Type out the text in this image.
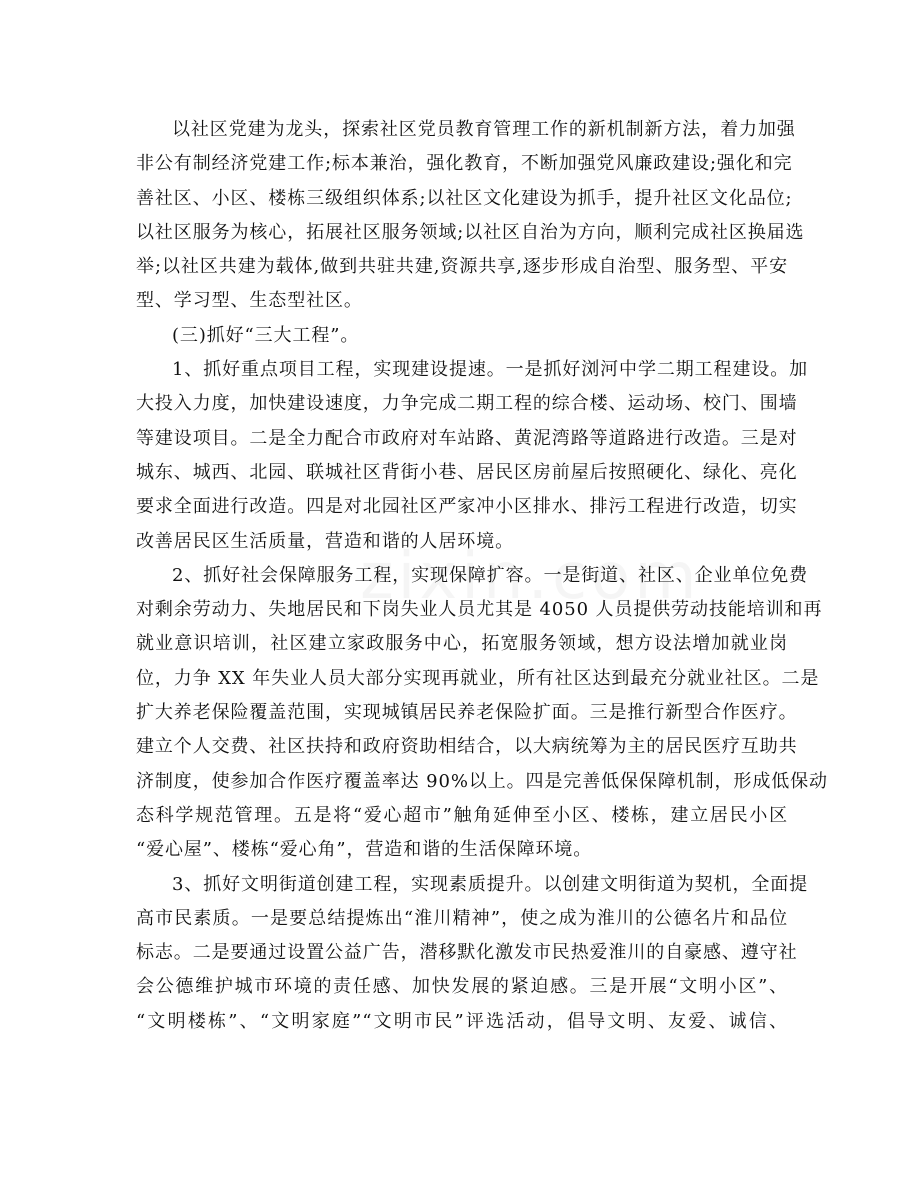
以社区党建为龙头，探索社区党员教育管理工作的新机制新方法，着力加强
非公有制经济党建工作;标本兼治，强化教育，不断加强党风廉政建设;强化和完
善社区、小区、楼栋三级组织体系;以社区文化建设为抓手，提升社区文化品位;
以社区服务为核心，拓展社区服务领域;以社区自治为方向，顺利完成社区换届选
举;以社区共建为载体,做到共驻共建,资源共享,逐步形成自治型、服务型、平安
型、学习型、生态型社区。
(三)抓好“三大工程”。
1、抓好重点项目工程，实现建设提速。一是抓好浏河中学二期工程建设。加
大投入力度，加快建设速度，力争完成二期工程的综合楼、运动场、校门、围墙
等建设项目。二是全力配合市政府对车站路、黄泥湾路等道路进行改造。三是对
城东、城西、北园、联城社区背街小巷、居民区房前屋后按照硬化、绿化、亮化
要求全面进行改造。四是对北园社区严家冲小区排水、排污工程进行改造，切实
改善居民区生活质量，营造和谐的人居环境。
2、抓好社会保障服务工程，实现保障扩容。一是街道、社区、企业单位免费
对剩余劳动力、失地居民和下岗失业人员尤其是 4050 人员提供劳动技能培训和再
就业意识培训，社区建立家政服务中心，拓宽服务领域，想方设法增加就业岗
位，力争 XX 年失业人员大部分实现再就业，所有社区达到最充分就业社区。二是
扩大养老保险覆盖范围，实现城镇居民养老保险扩面。三是推行新型合作医疗。
建立个人交费、社区扶持和政府资助相结合，以大病统筹为主的居民医疗互助共
济制度，使参加合作医疗覆盖率达 90%以上。四是完善低保保障机制，形成低保动
态科学规范管理。五是将“爱心超市”触角延伸至小区、楼栋，建立居民小区
“爱心屋”、楼栋“爱心角”，营造和谐的生活保障环境。
3、抓好文明街道创建工程，实现素质提升。以创建文明街道为契机，全面提
高市民素质。一是要总结提炼出“淮川精神”，使之成为淮川的公德名片和品位
标志。二是要通过设置公益广告，潜移默化激发市民热爱淮川的自豪感、遵守社
会公德维护城市环境的责任感、加快发展的紧迫感。三是开展“文明小区”、
“文明楼栋”、“文明家庭”“文明市民”评选活动，倡导文明、友爱、诚信、
